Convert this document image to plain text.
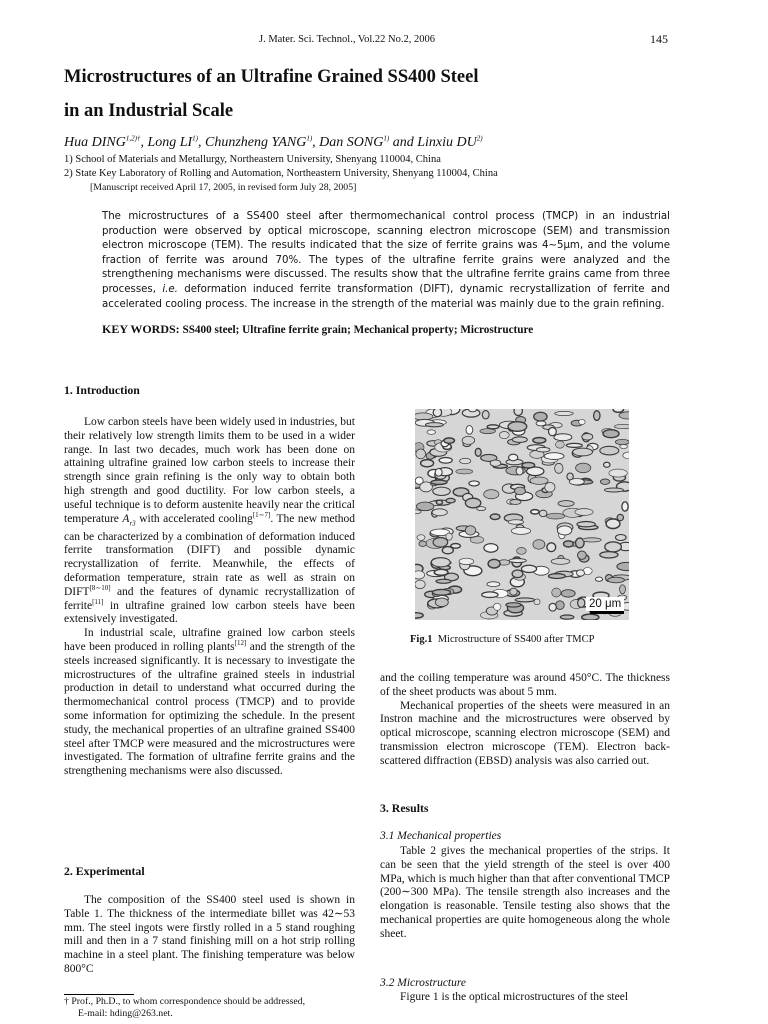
J. Mater. Sci. Technol., Vol.22 No.2, 2006	145
Microstructures of an Ultrafine Grained SS400 Steel
in an Industrial Scale
Hua $DING^{1,2)\dagger}$, Long LI$^{1)}$, Chunzheng YANG$^{1)}$, Dan SONG$^{1)}$ and Linxiu DU$^{2)}$
1) School of Materials and Metallurgy, Northeastern University, Shenyang 110004, China
2) State Key Laboratory of Rolling and Automation, Northeastern University, Shenyang 110004, China
[Manuscript received April 17, 2005, in revised form July 28, 2005]
The microstructures of a SS400 steel after thermomechanical control process (TMCP) in an industrial production were observed by optical microscope, scanning electron microscope (SEM) and transmission electron microscope (TEM). The results indicated that the size of ferrite grains was 4∼5μm, and the volume fraction of ferrite was around 70%. The types of the ultrafine ferrite grains were analyzed and the strengthening mechanisms were discussed. The results show that the ultrafine ferrite grains came from three processes, i.e. deformation induced ferrite transformation (DIFT), dynamic recrystallization of ferrite and accelerated cooling process. The increase in the strength of the material was mainly due to the grain refining.
KEY WORDS: SS400 steel; Ultrafine ferrite grain; Mechanical property; Microstructure
1. Introduction

Low carbon steels have been widely used in industries, but their relatively low strength limits them to be used in a wider range. In last two decades, much work has been done on attaining ultrafine grained low carbon steels to increase their strength since grain refining is the only way to obtain both high strength and good ductility. For low carbon steels, a useful technique is to deform austenite heavily near the critical temperature $A_{r3}$ with accelerated cooling[1∼7]. The new method can be characterized by a combination of deformation induced ferrite transformation (DIFT) and possible dynamic recrystallization of ferrite. Meanwhile, the effects of deformation temperature, strain rate as well as strain on DIFT[8∼10] and the features of dynamic recrystallization of ferrite[11] in ultrafine grained low carbon steels have been extensively investigated.

In industrial scale, ultrafine grained low carbon steels have been produced in rolling plants[12] and the strength of the steels increased significantly. It is necessary to investigate the microstructures of the ultrafine grained steels in industrial production in detail to understand what occurred during the thermomechanical control process (TMCP) and to provide some information for optimizing the schedule. In the present study, the mechanical properties of an ultrafine grained SS400 steel after TMCP were measured and the microstructures were investigated. The formation of ultrafine ferrite grains and the strengthening mechanisms were also discussed.

2. Experimental

The composition of the SS400 steel used is shown in Table 1. The thickness of the intermediate billet was 42∼53 mm. The steel ingots were firstly rolled in a 5 stand roughing mill and then in a 7 stand finishing mill on a hot strip rolling machine in a steel plant. The finishing temperature was below 800°C

20 μm
Fig.1 Microstructure of SS400 after TMCP

and the coiling temperature was around 450°C. The thickness of the sheet products was about 5 mm.

Mechanical properties of the sheets were measured in an Instron machine and the microstructures were observed by optical microscope, scanning electron microscope (SEM) and transmission electron microscope (TEM). Electron back-scattered diffraction (EBSD) analysis was also carried out.

3. Results
3.1 Mechanical properties

Table 2 gives the mechanical properties of the strips. It can be seen that the yield strength of the steel is over 400 MPa, which is much higher than that after conventional TMCP (200∼300 MPa). The tensile strength also increases and the elongation is reasonable. Tensile testing also shows that the mechanical properties are quite homogeneous along the whole sheet.

3.2 Microstructure

Figure 1 is the optical microstructures of the steel

† Prof., Ph.D., to whom correspondence should be addressed,
E-mail: hding@263.net.
